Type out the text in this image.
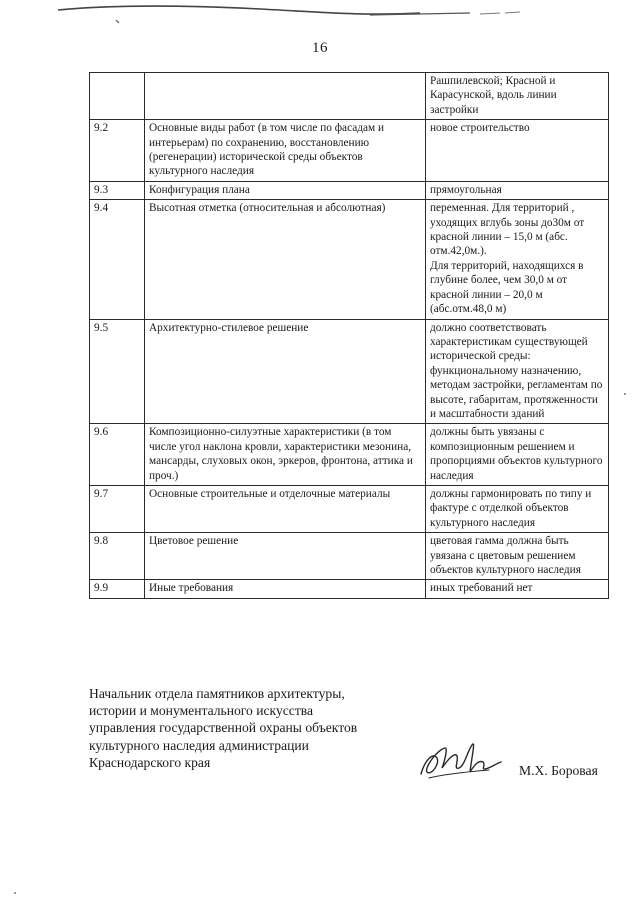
16
		Рашпилевской; Красной и Карасунской, вдоль линии застройки
9.2	Основные виды работ (в том числе по фасадам и интерьерам) по сохранению, восстановлению (регенерации) исторической среды объектов культурного наследия	новое строительство
9.3	Конфигурация плана	прямоугольная
9.4	Высотная отметка (относительная и абсолютная)	переменная. Для территорий , уходящих вглубь зоны до30м от красной линии – 15,0 м (абс. отм.42,0м.).
Для территорий, находящихся в глубине более, чем 30,0 м от красной линии – 20,0 м (абс.отм.48,0 м)
9.5	Архитектурно-стилевое решение	должно соответствовать характеристикам существующей исторической среды: функциональному назначению, методам застройки, регламентам по высоте, габаритам, протяженности и масштабности зданий
9.6	Композиционно-силуэтные характеристики (в том числе угол наклона кровли, характеристики мезонина, мансарды, слуховых окон, эркеров, фронтона, аттика и проч.)	должны быть увязаны с композиционным решением и пропорциями объектов культурного наследия
9.7	Основные строительные и отделочные материалы	должны гармонировать по типу и фактуре с отделкой объектов культурного наследия
9.8	Цветовое решение	цветовая гамма должна быть увязана с цветовым решением объектов культурного наследия
9.9	Иные требования	иных требований нет
Начальник отдела памятников архитектуры,
истории и монументального искусства
управления государственной охраны объектов
культурного наследия администрации
Краснодарского края
М.Х. Боровая
